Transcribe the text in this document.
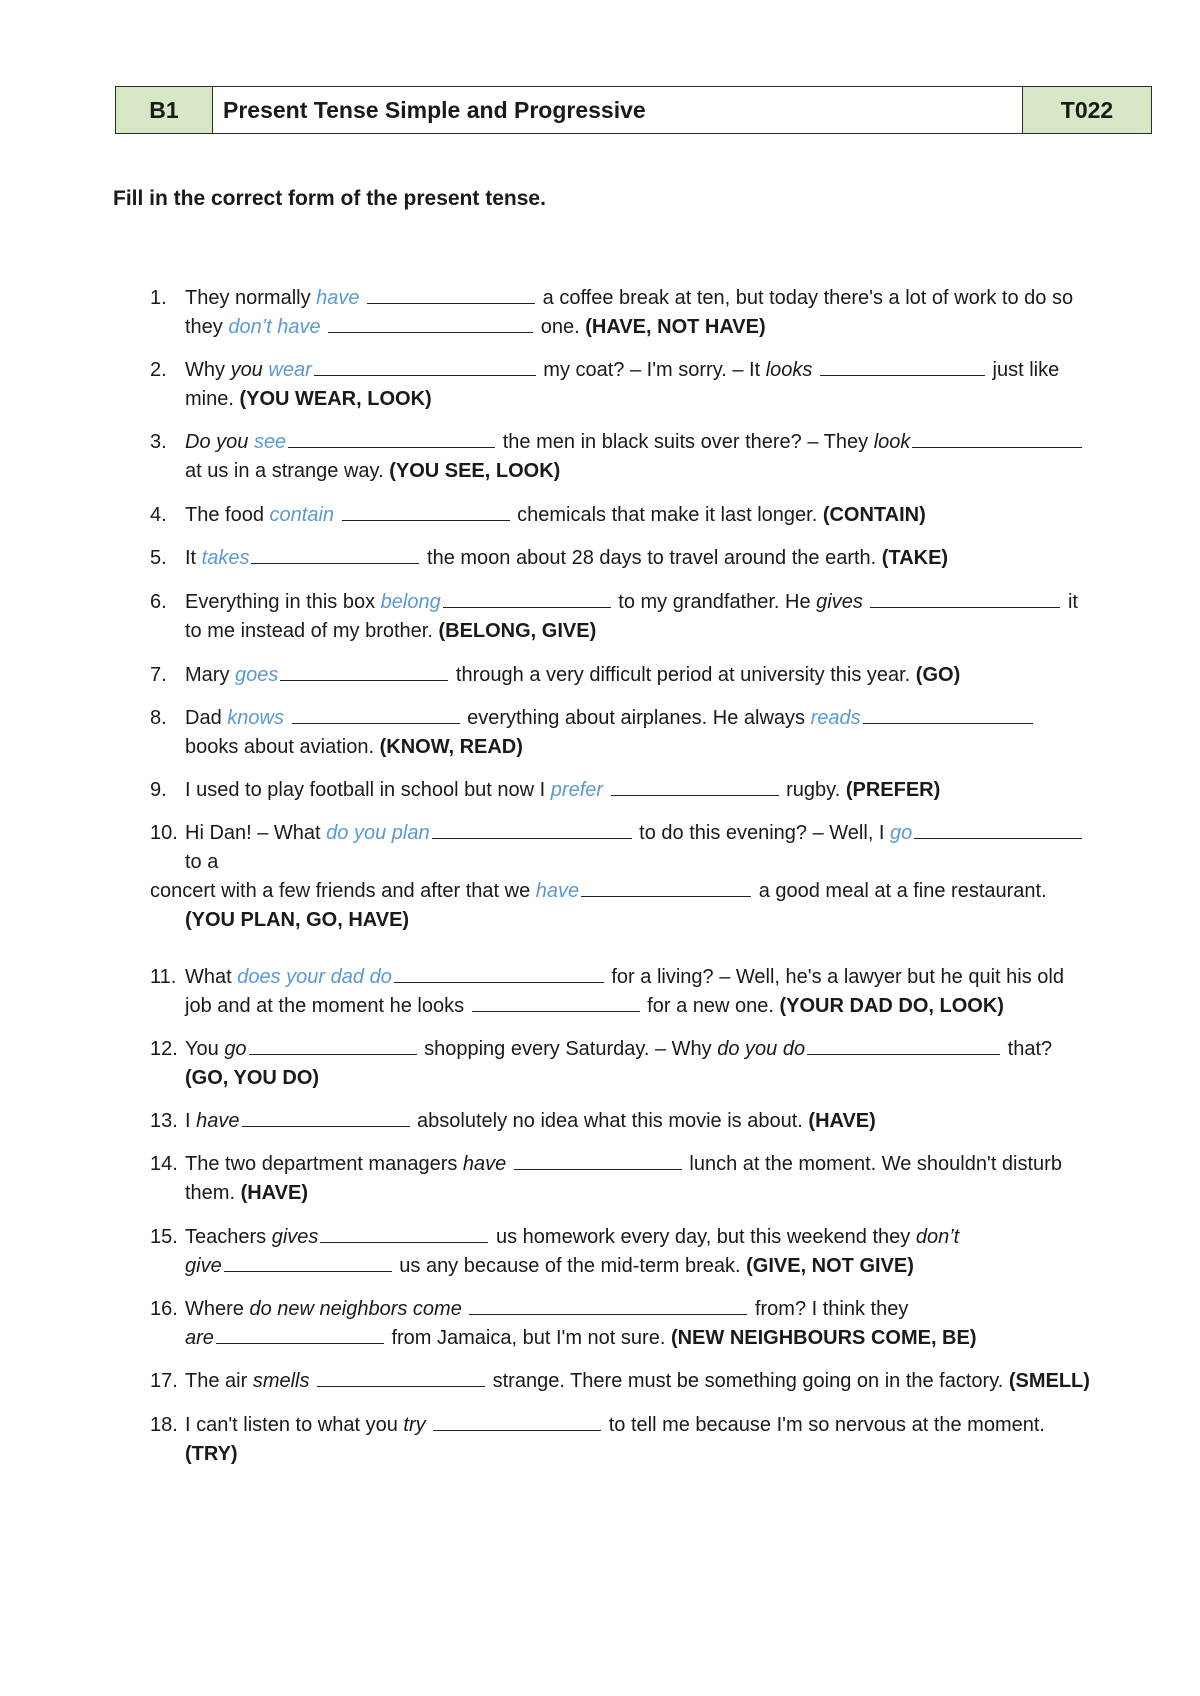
B1	Present Tense Simple and Progressive	T022
Fill in the correct form of the present tense.
1. They normally have	a coffee break at ten, but today there's a lot of work to do so
they don’t have	one. (HAVE, NOT HAVE)
2. Why you wear	my coat? – I'm sorry. – It looks	just like
mine. (YOU WEAR, LOOK)
3. Do you see	the men in black suits over there? – They look
at us in a strange way. (YOU SEE, LOOK)
4. The food contain	chemicals that make it last longer. (CONTAIN)
5. It takes	the moon about 28 days to travel around the earth. (TAKE)
6. Everything in this box belong	to my grandfather. He gives	it
to me instead of my brother. (BELONG, GIVE)
7. Mary goes	through a very difficult period at university this year. (GO)
8. Dad knows	everything about airplanes. He always reads
books about aviation. (KNOW, READ)
9. I used to play football in school but now I prefer	rugby. (PREFER)
10. Hi Dan! – What do you plan	to do this evening? – Well, I go
to a
concert with a few friends and after that we have	a good meal at a fine restaurant.
(YOU PLAN, GO, HAVE)
11. What does your dad do	for a living? – Well, he's a lawyer but he quit his old
job and at the moment he looks	for a new one. (YOUR DAD DO, LOOK)
12. You go	shopping every Saturday. – Why do you do	that?
(GO, YOU DO)
13. I have	absolutely no idea what this movie is about. (HAVE)
14. The two department managers have	lunch at the moment. We shouldn't disturb
them. (HAVE)
15. Teachers gives	us homework every day, but this weekend they don’t
give	us any because of the mid-term break. (GIVE, NOT GIVE)
16. Where do new neighbors come	from? I think they
are	from Jamaica, but I'm not sure. (NEW NEIGHBOURS COME, BE)
17. The air smells	strange. There must be something going on in the factory. (SMELL)
18. I can't listen to what you try	to tell me because I'm so nervous at the moment.
(TRY)
